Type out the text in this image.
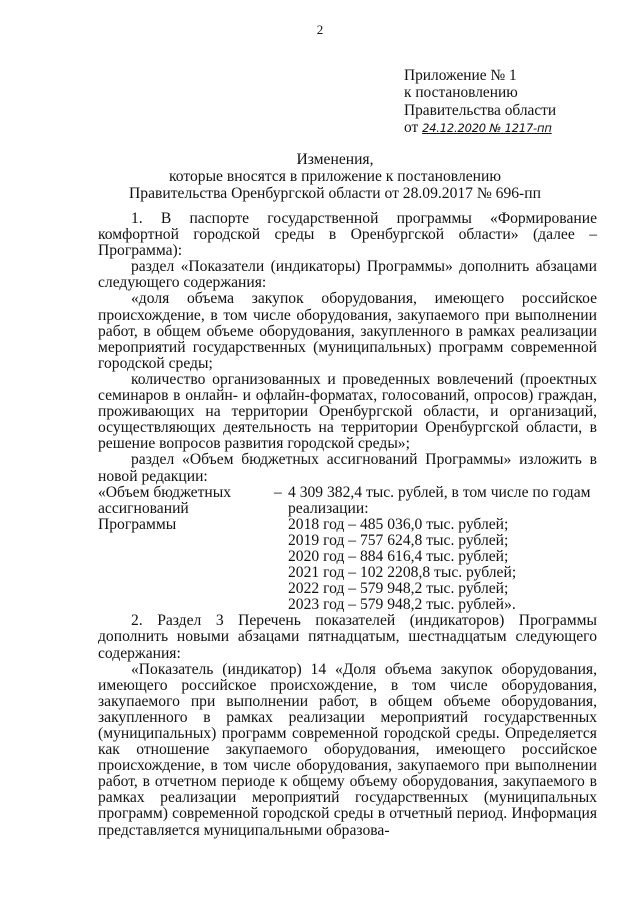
2
Приложение № 1
к постановлению
Правительства области
от 24.12.2020 № 1217-пп
Изменения,
которые вносятся в приложение к постановлению
Правительства Оренбургской области от 28.09.2017 № 696-пп

1. В паспорте государственной программы «Формирование комфортной городской среды в Оренбургской области» (далее – Программа):

раздел «Показатели (индикаторы) Программы» дополнить абзацами следующего содержания:

«доля объема закупок оборудования, имеющего российское происхождение, в том числе оборудования, закупаемого при выполнении работ, в общем объеме оборудования, закупленного в рамках реализации мероприятий государственных (муниципальных) программ современной городской среды;

количество организованных и проведенных вовлечений (проектных семинаров в онлайн- и офлайн-форматах, голосований, опросов) граждан, проживающих на территории Оренбургской области, и организаций, осуществляющих деятельность на территории Оренбургской области, в решение вопросов развития городской среды»;

раздел «Объем бюджетных ассигнований Программы» изложить в новой редакции:

«Объем бюджетных
ассигнований
Программы
– 4 309 382,4 тыс. рублей, в том числе по годам
реализации:
2018 год – 485 036,0 тыс. рублей;
2019 год – 757 624,8 тыс. рублей;
2020 год – 884 616,4 тыс. рублей;
2021 год – 102 2208,8 тыс. рублей;
2022 год – 579 948,2 тыс. рублей;
2023 год – 579 948,2 тыс. рублей».

2. Раздел 3 Перечень показателей (индикаторов) Программы дополнить новыми абзацами пятнадцатым, шестнадцатым следующего содержания:

«Показатель (индикатор) 14 «Доля объема закупок оборудования, имеющего российское происхождение, в том числе оборудования, закупаемого при выполнении работ, в общем объеме оборудования, закупленного в рамках реализации мероприятий государственных (муниципальных) программ современной городской среды. Определяется как отношение закупаемого оборудования, имеющего российское происхождение, в том числе оборудования, закупаемого при выполнении работ, в отчетном периоде к общему объему оборудования, закупаемого в рамках реализации мероприятий государственных (муниципальных программ) современной городской среды в отчетный период. Информация представляется муниципальными образова-
